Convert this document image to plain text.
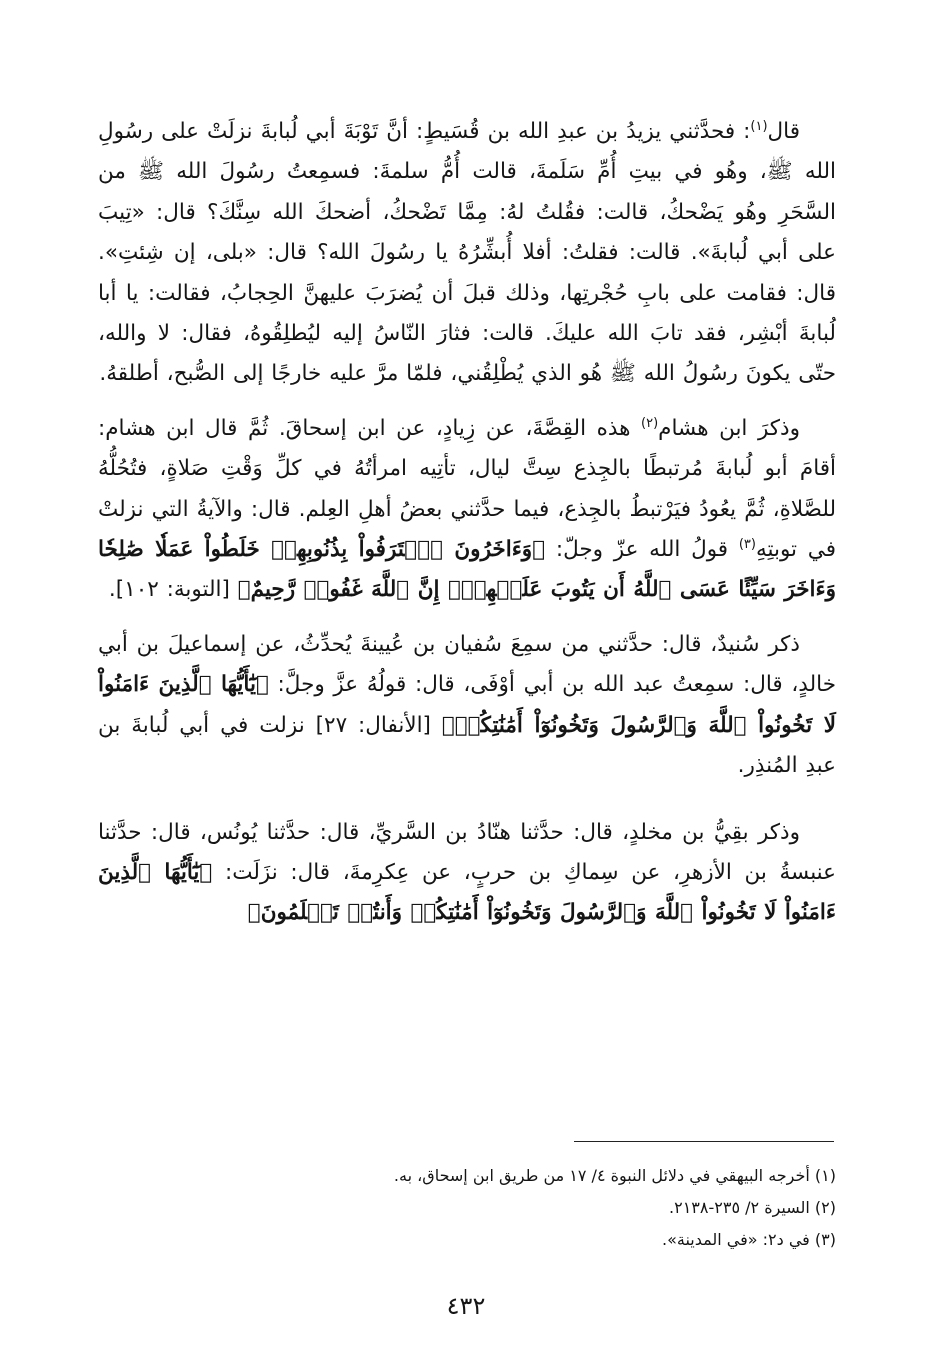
قال$^{(١)}$: فحدَّثني يزيدُ بن عبدِ الله بن قُسَيطٍ: أنَّ تَوْبَةَ أبي لُبابةَ نزلَتْ على رسُولِ الله ﷺ، وهُو في بيتِ أُمِّ سَلَمةَ، قالت أُمُّ سلمةَ: فسمِعتُ رسُولَ الله ﷺ من السَّحَرِ وهُو يَضْحكُ، قالت: فقُلتُ لهُ: مِمَّا تَضْحكُ، أضحكَ الله سِنَّكَ؟ قال: «تِيبَ على أبي لُبابةَ». قالت: فقلتُ: أفلا أُبشِّرُهُ يا رسُولَ الله؟ قال: «بلى، إن شِئتِ». قال: فقامت على بابِ حُجْرتِها، وذلك قبلَ أن يُضرَبَ عليهنَّ الحِجابُ، فقالت: يا أبا لُبابةَ أبْشِر، فقد تابَ الله عليكَ. قالت: فثارَ النّاسُ إليه ليُطلِقُوهُ، فقال: لا والله، حتّى يكونَ رسُولُ الله ﷺ هُو الذي يُطْلِقُني، فلمّا مرَّ عليه خارجًا إلى الصُّبح، أطلقهُ.

وذكرَ ابن هشام$^{(٢)}$ هذه القِصَّةَ، عن زِيادٍ، عن ابن إسحاقَ. ثُمَّ قال ابن هشام: أقامَ أبو لُبابةَ مُرتبطًا بالجِذع سِتَّ ليال، تأتِيه امرأتُهُ في كلِّ وَقْتِ صَلاةٍ، فتُحُلُّهُ للصَّلاةِ، ثُمَّ يعُودُ فيَرْتبطُ بالجِذع، فيما حدَّثني بعضُ أهلِ العِلم. قال: والآيةُ التي نزلتْ في توبتِهِ$^{(٣)}$ قولُ الله عزّ وجلّ: ﴿وَءَاخَرُونَ ٱعۡتَرَفُواْ بِذُنُوبِهِمۡ خَلَطُواْ عَمَلٗا صَٰلِحٗا وَءَاخَرَ سَيِّئًا عَسَى ٱللَّهُ أَن يَتُوبَ عَلَيۡهِمۡۚ إِنَّ ٱللَّهَ غَفُورٞ رَّحِيمٌ﴾ [التوبة: ١٠٢].

ذكر سُنيدٌ، قال: حدَّثني من سمِعَ سُفيان بن عُيينةَ يُحدِّثُ، عن إسماعيلَ بن أبي خالدٍ، قال: سمِعتُ عبد الله بن أبي أوْفَى، قال: قولُهُ عزَّ وجلَّ: ﴿يَٰٓأَيُّهَا ٱلَّذِينَ ءَامَنُواْ لَا تَخُونُواْ ٱللَّهَ وَٱلرَّسُولَ وَتَخُونُوٓاْ أَمَٰنَٰتِكُمۡ﴾ [الأنفال: ٢٧] نزلت في أبي لُبابةَ بن عبدِ المُنذِر.

وذكر بقِيُّ بن مخلدٍ، قال: حدَّثنا هنّادُ بن السَّريِّ، قال: حدَّثنا يُونُس، قال: حدَّثنا عنبسةُ بن الأزهرِ، عن سِماكِ بن حربٍ، عن عِكرِمةَ، قال: نزَلَت: ﴿يَٰٓأَيُّهَا ٱلَّذِينَ ءَامَنُواْ لَا تَخُونُواْ ٱللَّهَ وَٱلرَّسُولَ وَتَخُونُوٓاْ أَمَٰنَٰتِكُمۡ وَأَنتُمۡ تَعۡلَمُونَ﴾

(١) أخرجه البيهقي في دلائل النبوة ٤/ ١٧ من طريق ابن إسحاق، به.
(٢) السيرة ٢/ ٢٣٥-٢١٣٨.
(٣) في د٢: «في المدينة».
٤٣٢
